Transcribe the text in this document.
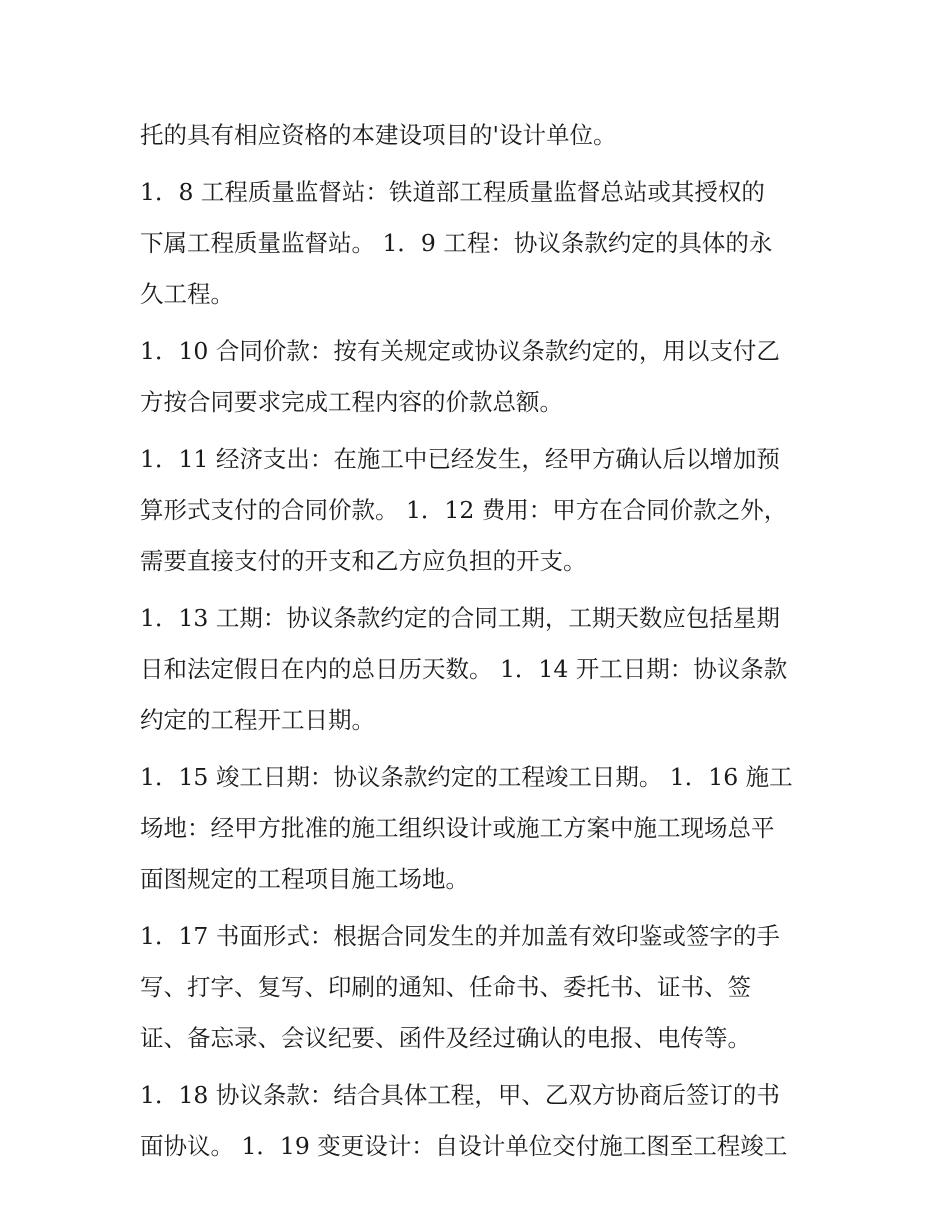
托的具有相应资格的本建设项目的'设计单位。

1．8 工程质量监督站：铁道部工程质量监督总站或其授权的
下属工程质量监督站。 1．9 工程：协议条款约定的具体的永
久工程。

1．10 合同价款：按有关规定或协议条款约定的，用以支付乙
方按合同要求完成工程内容的价款总额。

1．11 经济支出：在施工中已经发生，经甲方确认后以增加预
算形式支付的合同价款。 1．12 费用：甲方在合同价款之外，
需要直接支付的开支和乙方应负担的开支。

1．13 工期：协议条款约定的合同工期，工期天数应包括星期
日和法定假日在内的总日历天数。 1．14 开工日期：协议条款
约定的工程开工日期。

1．15 竣工日期：协议条款约定的工程竣工日期。 1．16 施工
场地：经甲方批准的施工组织设计或施工方案中施工现场总平
面图规定的工程项目施工场地。

1．17 书面形式：根据合同发生的并加盖有效印鉴或签字的手
写、打字、复写、印刷的通知、任命书、委托书、证书、签
证、备忘录、会议纪要、函件及经过确认的电报、电传等。

1．18 协议条款：结合具体工程，甲、乙双方协商后签订的书
面协议。 1．19 变更设计：自设计单位交付施工图至工程竣工
